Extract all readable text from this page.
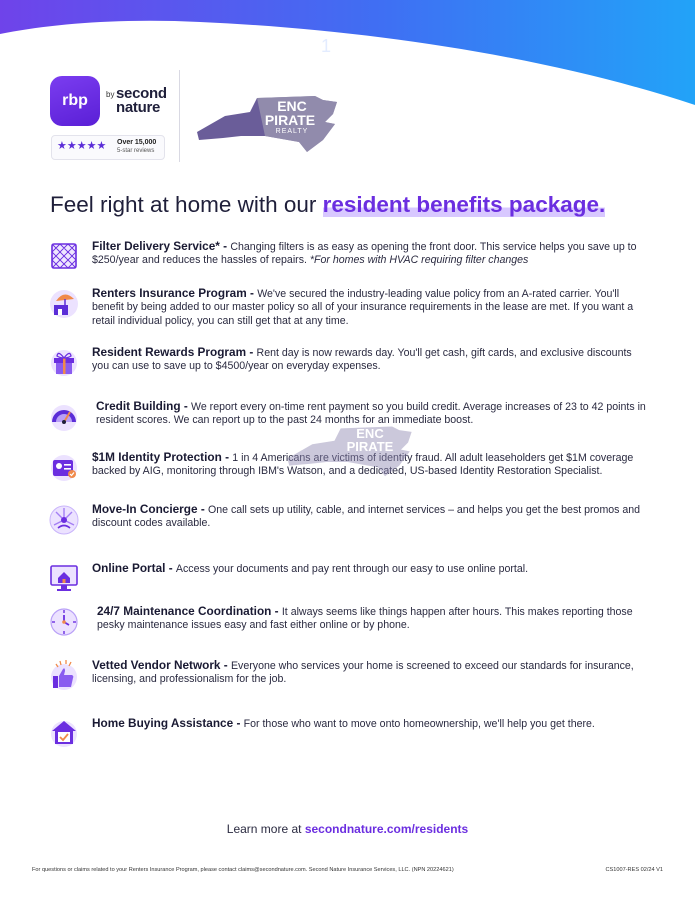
1
rbp	by second
nature
★★★★★ Over 15,000
5-star reviews
ENC
PIRATE
REALTY
Feel right at home with our resident benefits package.
Filter Delivery Service* - Changing filters is as easy as opening the front door. This service helps you save up to $250/year and reduces the hassles of repairs. *For homes with HVAC requiring filter changes
Renters Insurance Program - We've secured the industry-leading value policy from an A-rated carrier. You'll benefit by being added to our master policy so all of your insurance requirements in the lease are met. If you want a retail individual policy, you can still get that at any time.
Resident Rewards Program - Rent day is now rewards day. You'll get cash, gift cards, and exclusive discounts you can use to save up to $4500/year on everyday expenses.
Credit Building - We report every on-time rent payment so you build credit. Average increases of 23 to 42 points in resident scores. We can report up to the past 24 months for an immediate boost.
$1M Identity Protection - 1 in 4 Americans are victims of identity fraud. All adult leaseholders get $1M coverage backed by AIG, monitoring through IBM's Watson, and a dedicated, US-based Identity Restoration Specialist.
Move-In Concierge - One call sets up utility, cable, and internet services – and helps you get the best promos and discount codes available.
Online Portal - Access your documents and pay rent through our easy to use online portal.
24/7 Maintenance Coordination - It always seems like things happen after hours. This makes reporting those pesky maintenance issues easy and fast either online or by phone.
Vetted Vendor Network - Everyone who services your home is screened to exceed our standards for insurance, licensing, and professionalism for the job.
Home Buying Assistance - For those who want to move onto homeownership, we'll help you get there.
ENC
PIRATE
Learn more at secondnature.com/residents
For questions or claims related to your Renters Insurance Program, please contact claims@secondnature.com. Second Nature Insurance Services, LLC. (NPN 20224621)	CS1007-RES 02/24 V1
